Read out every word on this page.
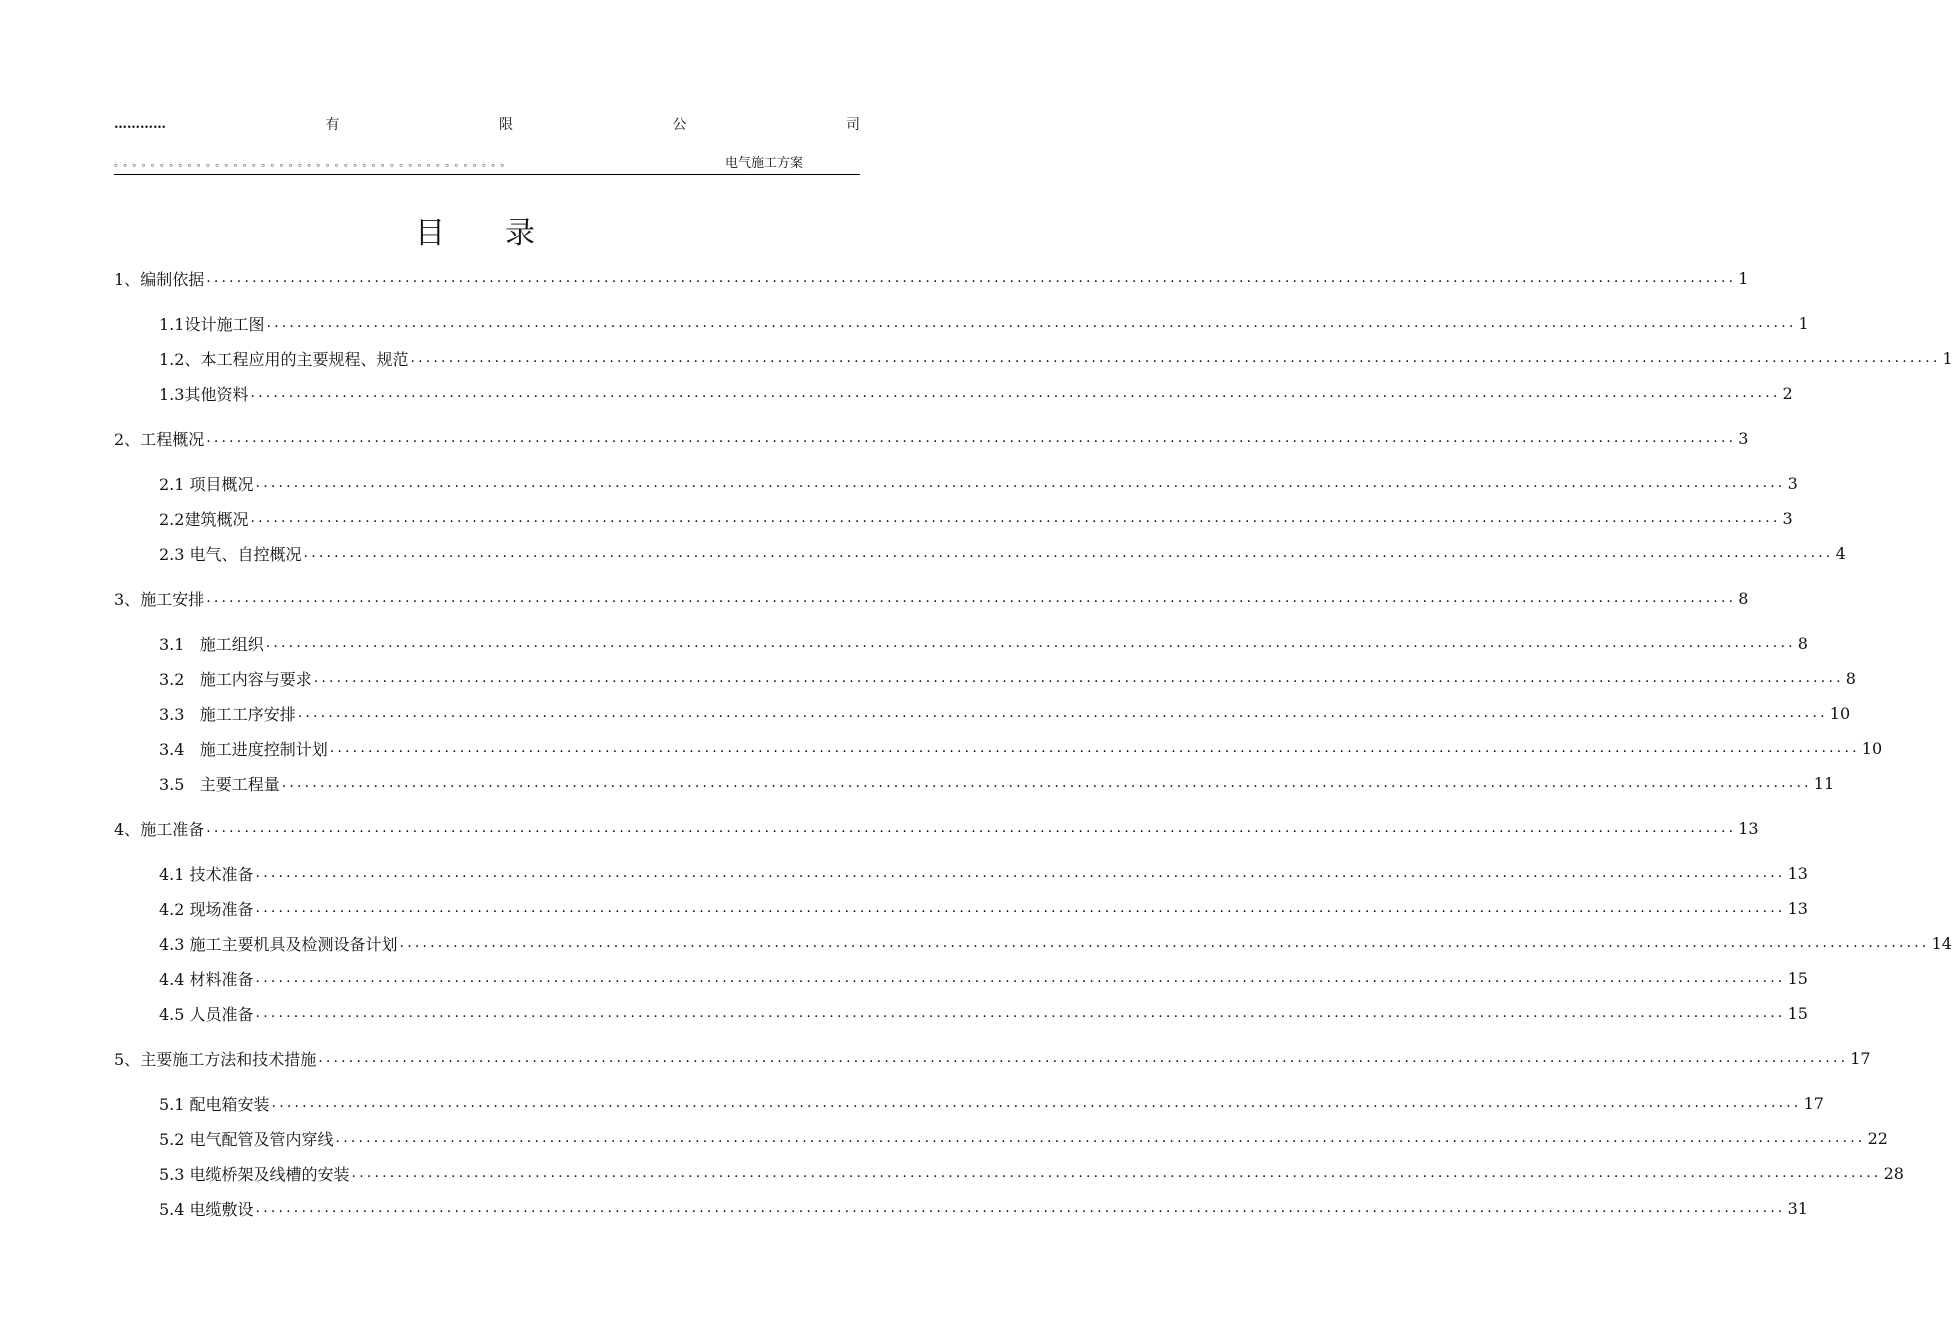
…………	有	限	公	司
。。。。。。。。。。。。。。。。。。。。。。。。。。。。。。。。。。。。。。。。。。。	电气施工方案
目录
1、 编制依据 ........................................................................................................................................................................................................ 1
1.1设计施工图 ........................................................................................................................................................................................................ 1
1.2、本工程应用的主要规程、规范 ........................................................................................................................................................................................................ 1
1.3其他资料 ........................................................................................................................................................................................................ 2
2、 工程概况 ........................................................................................................................................................................................................ 3
2.1 项目概况 ........................................................................................................................................................................................................ 3
2.2建筑概况 ........................................................................................................................................................................................................ 3
2.3 电气、自控概况 ........................................................................................................................................................................................................ 4
3、 施工安排 ........................................................................................................................................................................................................ 8
3.1   施工组织 ........................................................................................................................................................................................................ 8
3.2   施工内容与要求 ........................................................................................................................................................................................................ 8
3.3   施工工序安排 ........................................................................................................................................................................................................ 10
3.4   施工进度控制计划 ........................................................................................................................................................................................................ 10
3.5   主要工程量 ........................................................................................................................................................................................................ 11
4、 施工准备 ........................................................................................................................................................................................................ 13
4.1 技术准备 ........................................................................................................................................................................................................ 13
4.2 现场准备 ........................................................................................................................................................................................................ 13
4.3 施工主要机具及检测设备计划 ........................................................................................................................................................................................................ 14
4.4 材料准备 ........................................................................................................................................................................................................ 15
4.5 人员准备 ........................................................................................................................................................................................................ 15
5、 主要施工方法和技术措施 ........................................................................................................................................................................................................ 17
5.1 配电箱安装 ........................................................................................................................................................................................................ 17
5.2 电气配管及管内穿线 ........................................................................................................................................................................................................ 22
5.3 电缆桥架及线槽的安装 ........................................................................................................................................................................................................ 28
5.4 电缆敷设 ........................................................................................................................................................................................................ 31
